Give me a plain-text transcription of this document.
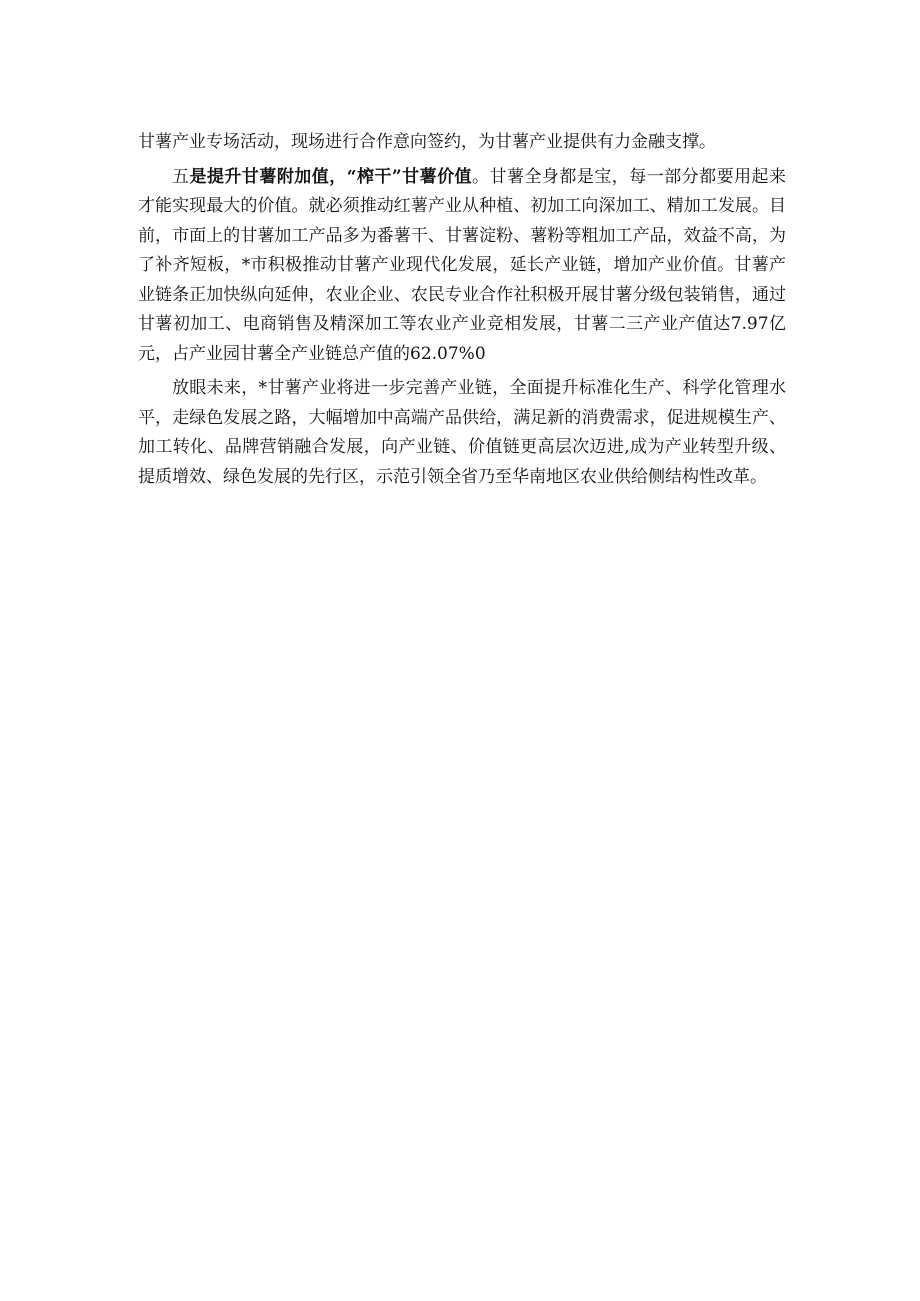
甘薯产业专场活动，现场进行合作意向签约，为甘薯产业提供有力金融支撑。

五是提升甘薯附加值，“榨干”甘薯价值。甘薯全身都是宝，每一部分都要用起来才能实现最大的价值。就必须推动红薯产业从种植、初加工向深加工、精加工发展。目前，市面上的甘薯加工产品多为番薯干、甘薯淀粉、薯粉等粗加工产品，效益不高，为了补齐短板，*市积极推动甘薯产业现代化发展，延长产业链，增加产业价值。甘薯产业链条正加快纵向延伸，农业企业、农民专业合作社积极开展甘薯分级包装销售，通过甘薯初加工、电商销售及精深加工等农业产业竞相发展，甘薯二三产业产值达7.97亿元，占产业园甘薯全产业链总产值的62.07%0

放眼未来，*甘薯产业将进一步完善产业链，全面提升标准化生产、科学化管理水平，走绿色发展之路，大幅增加中高端产品供给，满足新的消费需求，促进规模生产、加工转化、品牌营销融合发展，向产业链、价值链更高层次迈进,成为产业转型升级、提质增效、绿色发展的先行区，示范引领全省乃至华南地区农业供给侧结构性改革。
